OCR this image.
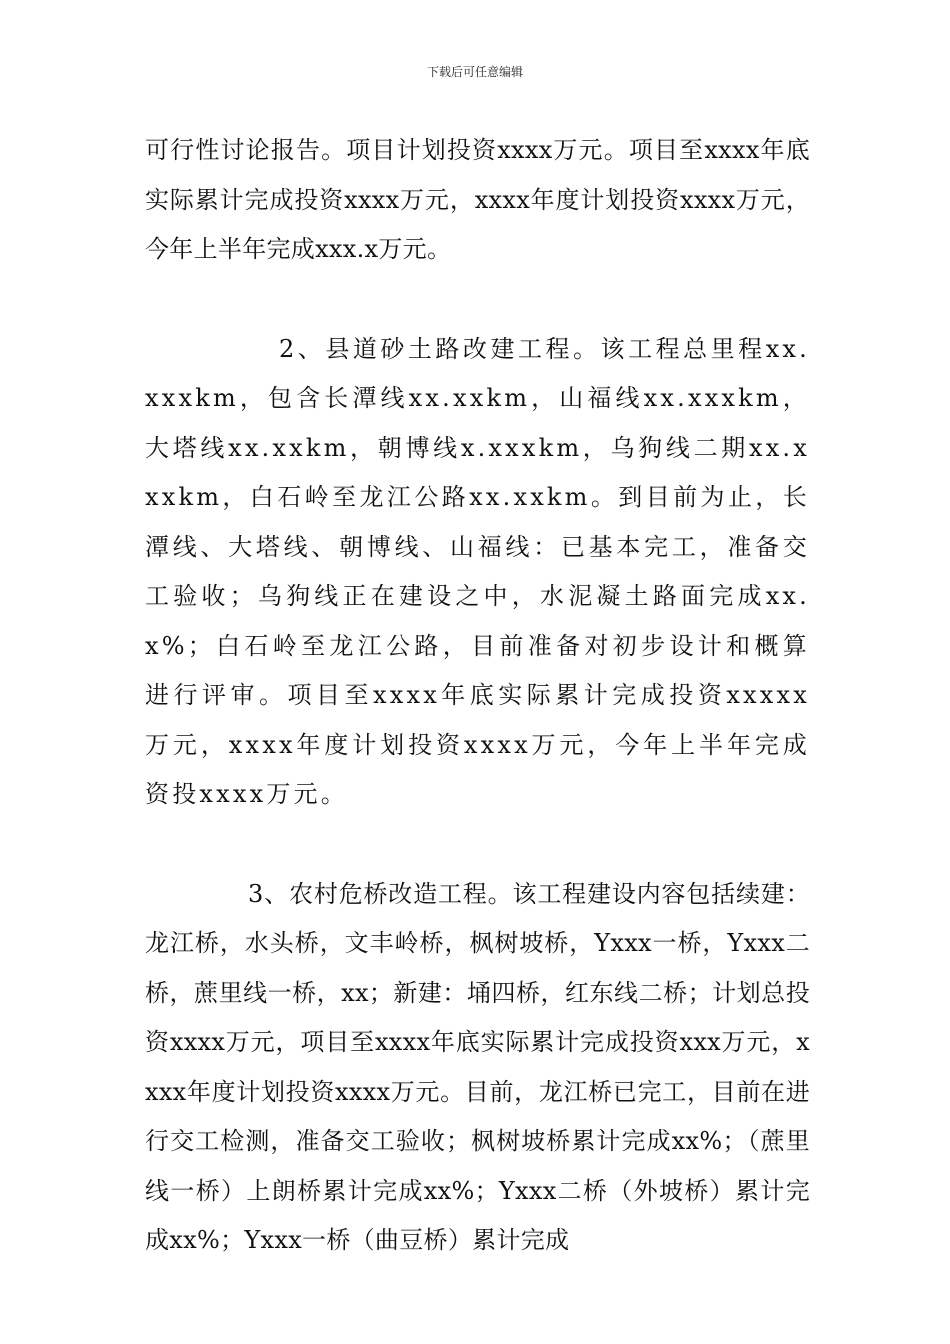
下载后可任意编辑

可行性讨论报告。项目计划投资xxxx万元。项目至xxxx年底实际累计完成投资xxxx万元，xxxx年度计划投资xxxx万元，今年上半年完成xxx.x万元。

2、县道砂土路改建工程。该工程总里程xx.xxxkm，包含长潭线xx.xxkm，山福线xx.xxxkm，大塔线xx.xxkm，朝博线x.xxxkm，乌狗线二期xx.xxxkm，白石岭至龙江公路xx.xxkm。到目前为止，长潭线、大塔线、朝博线、山福线：已基本完工，准备交工验收；乌狗线正在建设之中，水泥凝土路面完成xx.x%；白石岭至龙江公路，目前准备对初步设计和概算进行评审。项目至xxxx年底实际累计完成投资xxxxx万元，xxxx年度计划投资xxxx万元，今年上半年完成资投xxxx万元。

3、农村危桥改造工程。该工程建设内容包括续建：龙江桥，水头桥，文丰岭桥，枫树坡桥，Yxxx一桥，Yxxx二桥，蔗里线一桥，xx；新建：埇四桥，红东线二桥；计划总投资xxxx万元，项目至xxxx年底实际累计完成投资xxx万元，xxxx年度计划投资xxxx万元。目前，龙江桥已完工，目前在进行交工检测，准备交工验收；枫树坡桥累计完成xx%；（蔗里线一桥）上朗桥累计完成xx%；Yxxx二桥（外坡桥）累计完成xx%；Yxxx一桥（曲豆桥）累计完成
